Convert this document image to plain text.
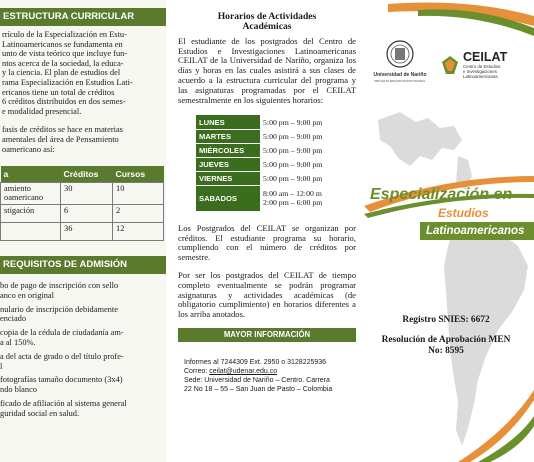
ESTRUCTURA CURRICULAR
rrículo de la Especialización en Estu-
Latinoamericanos se fundamenta en
unto de vista teórico que incluye fun-
ntos acerca de la sociedad, la educa-
y la ciencia. El plan de estudios del
rama Especialización en Estudios Lati-
ericanos tiene un total de créditos
6 créditos distribuidos en dos semes-
e modalidad presencial.
fasis de créditos se hace en materias
amentales del área de Pensamiento
oamericano así:
a	Créditos	Cursos
amiento
oamericano	30	10
stigación	6	2
	36	12
REQUISITOS DE ADMISIÓN
bo de pago de inscripción con sello
anco en original
nulario de inscripción debidamente
enciado
copia de la cédula de ciudadanía am-
a al 150%.
a del acta de grado o del título profe-
l
fotografías tamaño documento (3x4)
ndo blanco
ficado de afiliación al sistema general
guridad social en salud.
Horarios de Actividades
Académicas
El estudiante de los postgrados del Centro de Estudios e Investigaciones Latinoamericanas CEILAT de la Universidad de Nariño, organiza los días y horas en las cuales asistirá a sus clases de acuerdo a la estructura curricular del programa y las asignaturas programadas por el CEILAT semestralmente en los siguientes horarios:
LUNES	5:00 pm – 9:00 pm
MARTES	5:00 pm – 9:00 pm
MIÉRCOLES	5:00 pm – 9:00 pm
JUEVES	5:00 pm – 9:00 pm
VIERNES	5:00 pm – 9:00 pm
SABADOS	8:00 am – 12:00 m
2:00 pm – 6:00 pm
Los Postgrados del CEILAT se organizan por créditos. El estudiante programa su horario, cumpliendo con el número de créditos por semestre.
Por ser los postgrados del CEILAT de tiempo completo eventualmente se podrán programar asignaturas y actividades académicas (de obligatorio cumplimiento) en horarios diferentes a los arriba anotados.
MAYOR INFORMACIÓN
Informes al 7244309 Ext. 2950 o 3128225936
Correo: ceilat@udenar.edu.co
Sede: Universidad de Nariño – Centro. Carrera
22 No 18 – 55 – San Juan de Pasto – Colombia
Universidad de Nariño
PROYECTO EDUCATIVO INSTITUCIONAL
CEILAT
Centro de Estudios
e Investigaciones
Latinoamericanas
Especialización en
Estudios
Latinoamericanos
Registro SNIES: 6672
Resolución de Aprobación MEN
No: 8595
